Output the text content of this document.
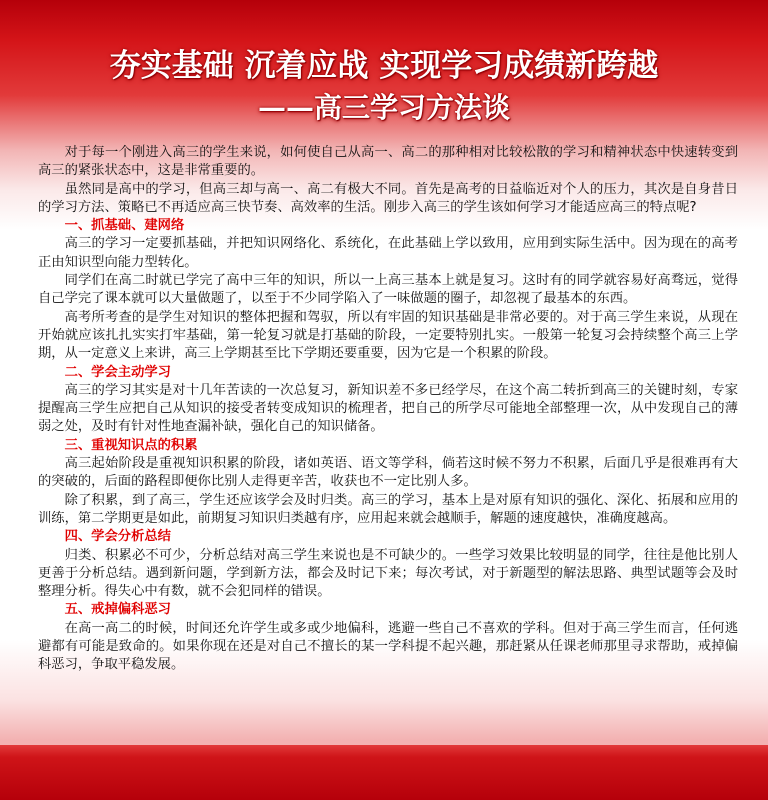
夯实基础 沉着应战 实现学习成绩新跨越
——高三学习方法谈

对于每一个刚进入高三的学生来说，如何使自己从高一、高二的那种相对比较松散的学习和精神状态中快速转变到高三的紧张状态中，这是非常重要的。

虽然同是高中的学习，但高三却与高一、高二有极大不同。首先是高考的日益临近对个人的压力，其次是自身昔日的学习方法、策略已不再适应高三快节奏、高效率的生活。刚步入高三的学生该如何学习才能适应高三的特点呢?

一、抓基础、建网络

高三的学习一定要抓基础，并把知识网络化、系统化，在此基础上学以致用，应用到实际生活中。因为现在的高考正由知识型向能力型转化。

同学们在高二时就已学完了高中三年的知识，所以一上高三基本上就是复习。这时有的同学就容易好高骛远，觉得自己学完了课本就可以大量做题了，以至于不少同学陷入了一味做题的圈子，却忽视了最基本的东西。

高考所考查的是学生对知识的整体把握和驾驭，所以有牢固的知识基础是非常必要的。对于高三学生来说，从现在开始就应该扎扎实实打牢基础，第一轮复习就是打基础的阶段，一定要特别扎实。一般第一轮复习会持续整个高三上学期，从一定意义上来讲，高三上学期甚至比下学期还要重要，因为它是一个积累的阶段。

二、学会主动学习

高三的学习其实是对十几年苦读的一次总复习，新知识差不多已经学尽，在这个高二转折到高三的关键时刻，专家提醒高三学生应把自己从知识的接受者转变成知识的梳理者，把自己的所学尽可能地全部整理一次，从中发现自己的薄弱之处，及时有针对性地查漏补缺，强化自己的知识储备。

三、重视知识点的积累

高三起始阶段是重视知识积累的阶段，诸如英语、语文等学科，倘若这时候不努力不积累，后面几乎是很难再有大的突破的，后面的路程即便你比别人走得更辛苦，收获也不一定比别人多。

除了积累，到了高三，学生还应该学会及时归类。高三的学习，基本上是对原有知识的强化、深化、拓展和应用的训练，第二学期更是如此，前期复习知识归类越有序，应用起来就会越顺手，解题的速度越快，准确度越高。

四、学会分析总结

归类、积累必不可少，分析总结对高三学生来说也是不可缺少的。一些学习效果比较明显的同学，往往是他比别人更善于分析总结。遇到新问题，学到新方法，都会及时记下来；每次考试，对于新题型的解法思路、典型试题等会及时整理分析。得失心中有数，就不会犯同样的错误。

五、戒掉偏科恶习

在高一高二的时候，时间还允许学生或多或少地偏科，逃避一些自己不喜欢的学科。但对于高三学生而言，任何逃避都有可能是致命的。如果你现在还是对自己不擅长的某一学科提不起兴趣，那赶紧从任课老师那里寻求帮助，戒掉偏科恶习，争取平稳发展。
